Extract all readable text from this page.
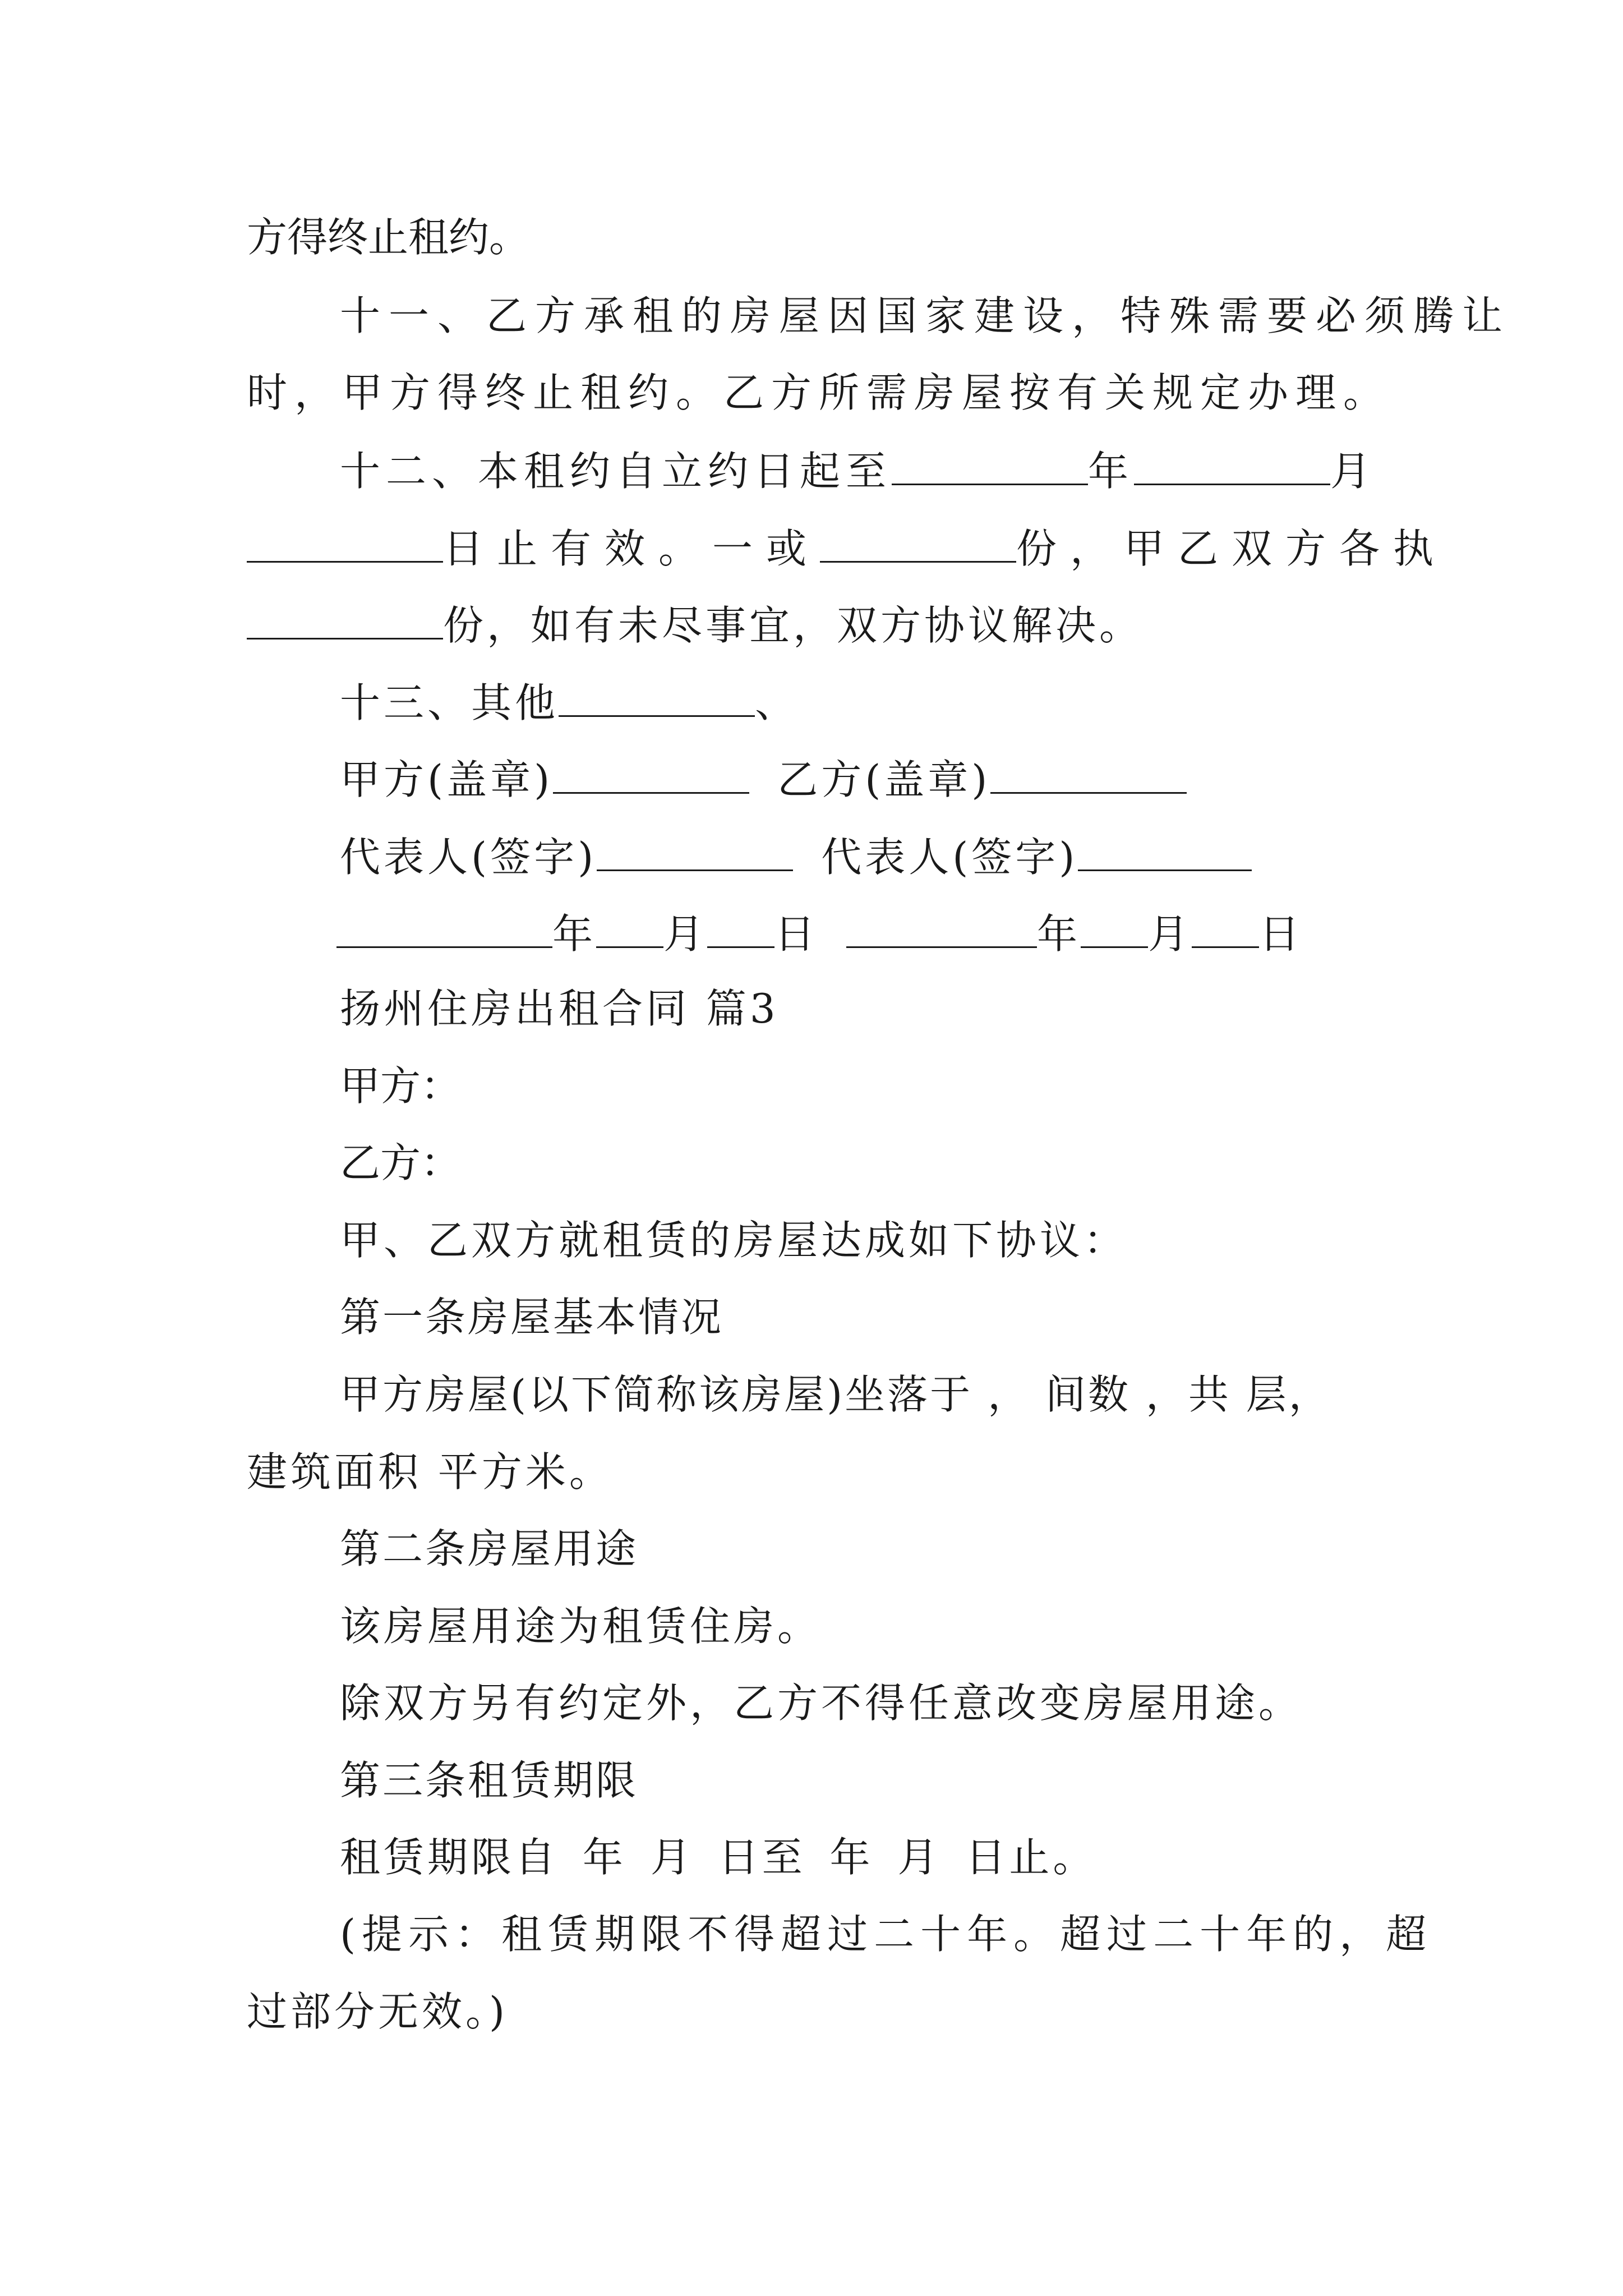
方得终止租约。
十一、乙方承租的房屋因国家建设，特殊需要必须腾让
时，甲方得终止租约。乙方所需房屋按有关规定办理。
十二、本租约自立约日起至	年	月
日止有效。一或	份，甲乙双方各执
份，如有未尽事宜，双方协议解决。
十三、其他	、
甲方(盖章)	乙方(盖章)
代表人(签字)	代表人(签字)
年 月 日	年 月 日
扬州住房出租合同 篇3
甲方：
乙方：
甲、乙双方就租赁的房屋达成如下协议：
第一条房屋基本情况
甲方房屋(以下简称该房屋)坐落于 ， 间数 ，共 层，
建筑面积 平方米。
第二条房屋用途
该房屋用途为租赁住房。
除双方另有约定外，乙方不得任意改变房屋用途。
第三条租赁期限
租赁期限自 年 月 日至 年 月 日止。
(提示：租赁期限不得超过二十年。超过二十年的，超
过部分无效。)
